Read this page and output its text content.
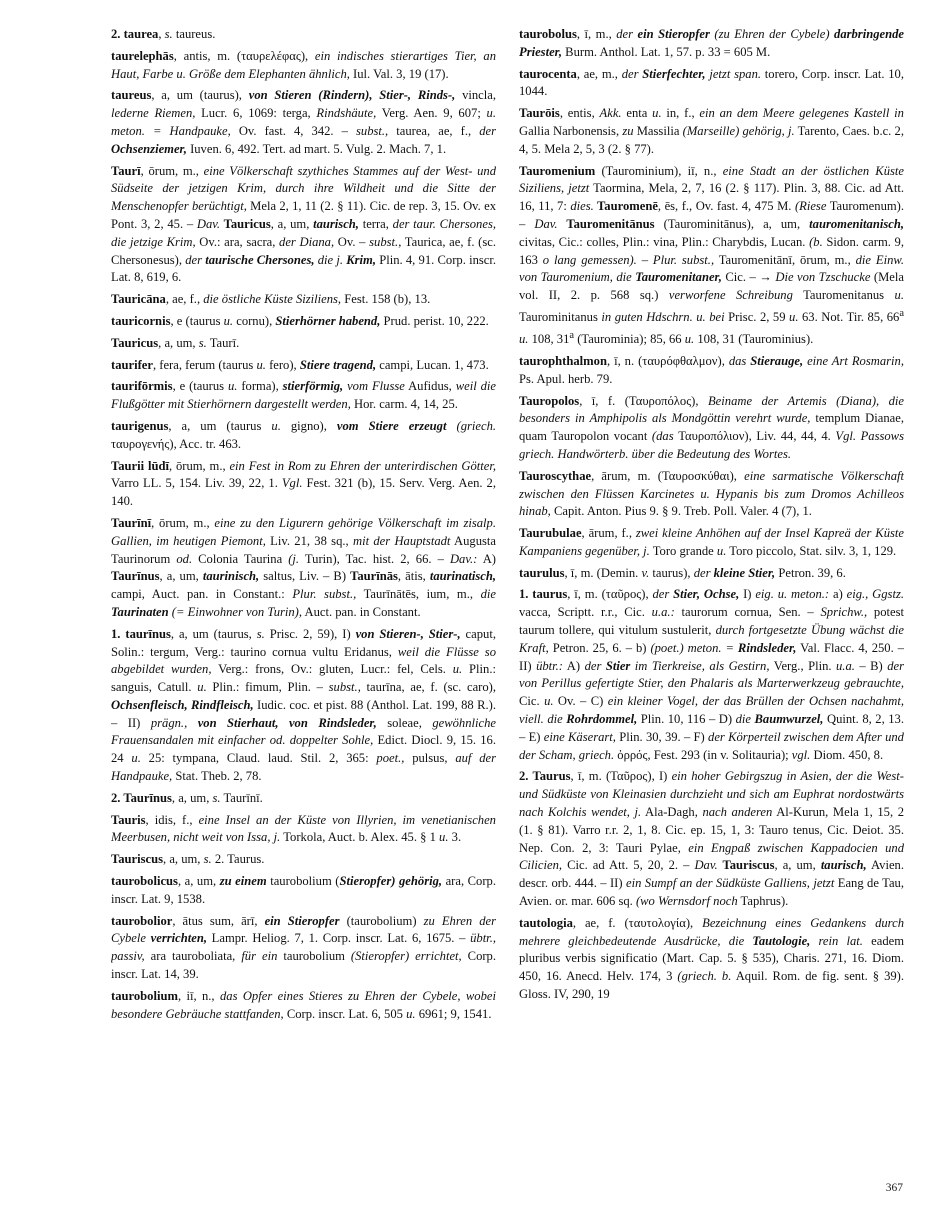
2. taurea, s. taureus.
taurelephās, antis, m. (ταυρελέφας), ein indisches stierartiges Tier, an Haut, Farbe u. Größe dem Elephanten ähnlich, Iul. Val. 3, 19 (17).
taureus, a, um (taurus), von Stieren (Rindern), Stier-, Rinds-, vincla, lederne Riemen, Lucr. 6, 1069: terga, Rindshäute, Verg. Aen. 9, 607; u. meton. = Handpauke, Ov. fast. 4, 342. – subst., taurea, ae, f., der Ochsenziemer, Iuven. 6, 492. Tert. ad mart. 5. Vulg. 2. Mach. 7, 1.
Taurī, ōrum, m., eine Völkerschaft szythiches Stammes auf der West- und Südseite der jetzigen Krim, durch ihre Wildheit und die Sitte der Menschenopfer berüchtigt, Mela 2, 1, 11 (2. § 11). Cic. de rep. 3, 15. Ov. ex Pont. 3, 2, 45. – Dav. Tauricus, a, um, taurisch, terra, der taur. Chersones, die jetzige Krim, Ov.: ara, sacra, der Diana, Ov. – subst., Taurica, ae, f. (sc. Chersonesus), der taurische Chersones, die j. Krim, Plin. 4, 91. Corp. inscr. Lat. 8, 619, 6.
Tauricāna, ae, f., die östliche Küste Siziliens, Fest. 158 (b), 13.
tauricornis, e (taurus u. cornu), Stierhörner habend, Prud. perist. 10, 222.
Tauricus, a, um, s. Taurī.
taurifer, fera, ferum (taurus u. fero), Stiere tragend, campi, Lucan. 1, 473.
taurifōrmis, e (taurus u. forma), stierförmig, vom Flusse Aufidus, weil die Flußgötter mit Stierhörnern dargestellt werden, Hor. carm. 4, 14, 25.
taurigenus, a, um (taurus u. gigno), vom Stiere erzeugt (griech. ταυρογενής), Acc. tr. 463.
Taurii lūdī, ōrum, m., ein Fest in Rom zu Ehren der unterirdischen Götter, Varro LL. 5, 154. Liv. 39, 22, 1. Vgl. Fest. 321 (b), 15. Serv. Verg. Aen. 2, 140.
Taurīnī, ōrum, m., eine zu den Ligurern gehörige Völkerschaft im zisalp. Gallien, im heutigen Piemont, Liv. 21, 38 sq., mit der Hauptstadt Augusta Taurinorum od. Colonia Taurina (j. Turin), Tac. hist. 2, 66. – Dav.: A) Taurīnus, a, um, taurinisch, saltus, Liv. – B) Taurīnās, ātis, taurinatisch, campi, Auct. pan. in Constant.: Plur. subst., Taurīnātēs, ium, m., die Taurinaten (= Einwohner von Turin), Auct. pan. in Constant.
1. taurīnus, a, um (taurus, s. Prisc. 2, 59), I) von Stieren-, Stier-, caput, Solin.: tergum, Verg.: taurino cornua vultu Eridanus, weil die Flüsse so abgebildet wurden, Verg.: frons, Ov.: gluten, Lucr.: fel, Cels. u. Plin.: sanguis, Catull. u. Plin.: fimum, Plin. – subst., taurīna, ae, f. (sc. caro), Ochsenfleisch, Rindfleisch, Iudic. coc. et pist. 88 (Anthol. Lat. 199, 88 R.). – II) prägn., von Stierhaut, von Rindsleder, soleae, gewöhnliche Frauensandalen mit einfacher od. doppelter Sohle, Edict. Diocl. 9, 15. 16. 24 u. 25: tympana, Claud. laud. Stil. 2, 365: poet., pulsus, auf der Handpauke, Stat. Theb. 2, 78.
2. Taurīnus, a, um, s. Taurīnī.
Tauris, idis, f., eine Insel an der Küste von Illyrien, im venetianischen Meerbusen, nicht weit von Issa, j. Torkola, Auct. b. Alex. 45. § 1 u. 3.
Tauriscus, a, um, s. 2. Taurus.
taurobolicus, a, um, zu einem taurobolium (Stieropfer) gehörig, ara, Corp. inscr. Lat. 9, 1538.
taurobolior, ātus sum, ārī, ein Stieropfer (taurobolium) zu Ehren der Cybele verrichten, Lampr. Heliog. 7, 1. Corp. inscr. Lat. 6, 1675. – übtr., passiv, ara tauroboliata, für ein taurobolium (Stieropfer) errichtet, Corp. inscr. Lat. 14, 39.
taurobolium, iī, n., das Opfer eines Stieres zu Ehren der Cybele, wobei besondere Gebräuche stattfanden, Corp. inscr. Lat. 6, 505 u. 6961; 9, 1541.
taurobolus, ī, m., der ein Stieropfer (zu Ehren der Cybele) darbringende Priester, Burm. Anthol. Lat. 1, 57. p. 33 = 605 M.
taurocenta, ae, m., der Stierfechter, jetzt span. torero, Corp. inscr. Lat. 10, 1044.
Taurōis, entis, Akk. enta u. in, f., ein an dem Meere gelegenes Kastell in Gallia Narbonensis, zu Massilia (Marseille) gehörig, j. Tarento, Caes. b.c. 2, 4, 5. Mela 2, 5, 3 (2. § 77).
Tauromenium (Taurominium), iī, n., eine Stadt an der östlichen Küste Siziliens, jetzt Taormina, Mela, 2, 7, 16 (2. § 117). Plin. 3, 88. Cic. ad Att. 16, 11, 7: dies. Tauromenē, ēs, f., Ov. fast. 4, 475 M. (Riese Tauromenum). – Dav. Tauromenitānus (Taurominitānus), a, um, tauromenitanisch, civitas, Cic.: colles, Plin.: vina, Plin.: Charybdis, Lucan. (b. Sidon. carm. 9, 163 o lang gemessen). – Plur. subst., Tauromenitānī, ōrum, m., die Einw. von Tauromenium, die Tauromenitaner, Cic. – → Die von Tzschucke (Mela vol. II, 2. p. 568 sq.) verworfene Schreibung Tauromenitanus u. Taurominitanus in guten Hdschrn. u. bei Prisc. 2, 59 u. 63. Not. Tir. 85, 66$^a$ u. 108, 31$^a$ (Taurominia); 85, 66 u. 108, 31 (Taurominius).
taurophthalmon, ī, n. (ταυρόφθαλμον), das Stierauge, eine Art Rosmarin, Ps. Apul. herb. 79.
Tauropolos, ī, f. (Ταυροπόλος), Beiname der Artemis (Diana), die besonders in Amphipolis als Mondgöttin verehrt wurde, templum Dianae, quam Tauropolon vocant (das Ταυροπόλιον), Liv. 44, 44, 4. Vgl. Passows griech. Handwörterb. über die Bedeutung des Wortes.
Tauroscythae, ārum, m. (Ταυροσκύθαι), eine sarmatische Völkerschaft zwischen den Flüssen Karcinetes u. Hypanis bis zum Dromos Achilleos hinab, Capit. Anton. Pius 9. § 9. Treb. Poll. Valer. 4 (7), 1.
Taurubulae, ārum, f., zwei kleine Anhöhen auf der Insel Kapreä der Küste Kampaniens gegenüber, j. Toro grande u. Toro piccolo, Stat. silv. 3, 1, 129.
taurulus, ī, m. (Demin. v. taurus), der kleine Stier, Petron. 39, 6.
1. taurus, ī, m. (ταῦρος), der Stier, Ochse, I) eig. u. meton.: a) eig., Ggstz. vacca, Scriptt. r.r., Cic. u.a.: taurorum cornua, Sen. – Sprichw., potest taurum tollere, qui vitulum sustulerit, durch fortgesetzte Übung wächst die Kraft, Petron. 25, 6. – b) (poet.) meton. = Rindsleder, Val. Flacc. 4, 250. – II) übtr.: A) der Stier im Tierkreise, als Gestirn, Verg., Plin. u.a. – B) der von Perillus gefertigte Stier, den Phalaris als Marterwerkzeug gebrauchte, Cic. u. Ov. – C) ein kleiner Vogel, der das Brüllen der Ochsen nachahmt, viell. die Rohrdommel, Plin. 10, 116 – D) die Baumwurzel, Quint. 8, 2, 13. – E) eine Käserart, Plin. 30, 39. – F) der Körperteil zwischen dem After und der Scham, griech. ὀρρός, Fest. 293 (in v. Solitauria); vgl. Diom. 450, 8.
2. Taurus, ī, m. (Ταῦρος), I) ein hoher Gebirgszug in Asien, der die West- und Südküste von Kleinasien durchzieht und sich am Euphrat nordostwärts nach Kolchis wendet, j. Ala-Dagh, nach anderen Al-Kurun, Mela 1, 15, 2 (1. § 81). Varro r.r. 2, 1, 8. Cic. ep. 15, 1, 3: Tauro tenus, Cic. Deiot. 35. Nep. Con. 2, 3: Tauri Pylae, ein Engpaß zwischen Kappadocien und Cilicien, Cic. ad Att. 5, 20, 2. – Dav. Tauriscus, a, um, taurisch, Avien. descr. orb. 444. – II) ein Sumpf an der Südküste Galliens, jetzt Eang de Tau, Avien. or. mar. 606 sq. (wo Wernsdorf noch Taphrus).
tautologia, ae, f. (ταυτολογία), Bezeichnung eines Gedankens durch mehrere gleichbedeutende Ausdrücke, die Tautologie, rein lat. eadem pluribus verbis significatio (Mart. Cap. 5. § 535), Charis. 271, 16. Diom. 450, 16. Anecd. Helv. 174, 3 (griech. b. Aquil. Rom. de fig. sent. § 39). Gloss. IV, 290, 19
367
